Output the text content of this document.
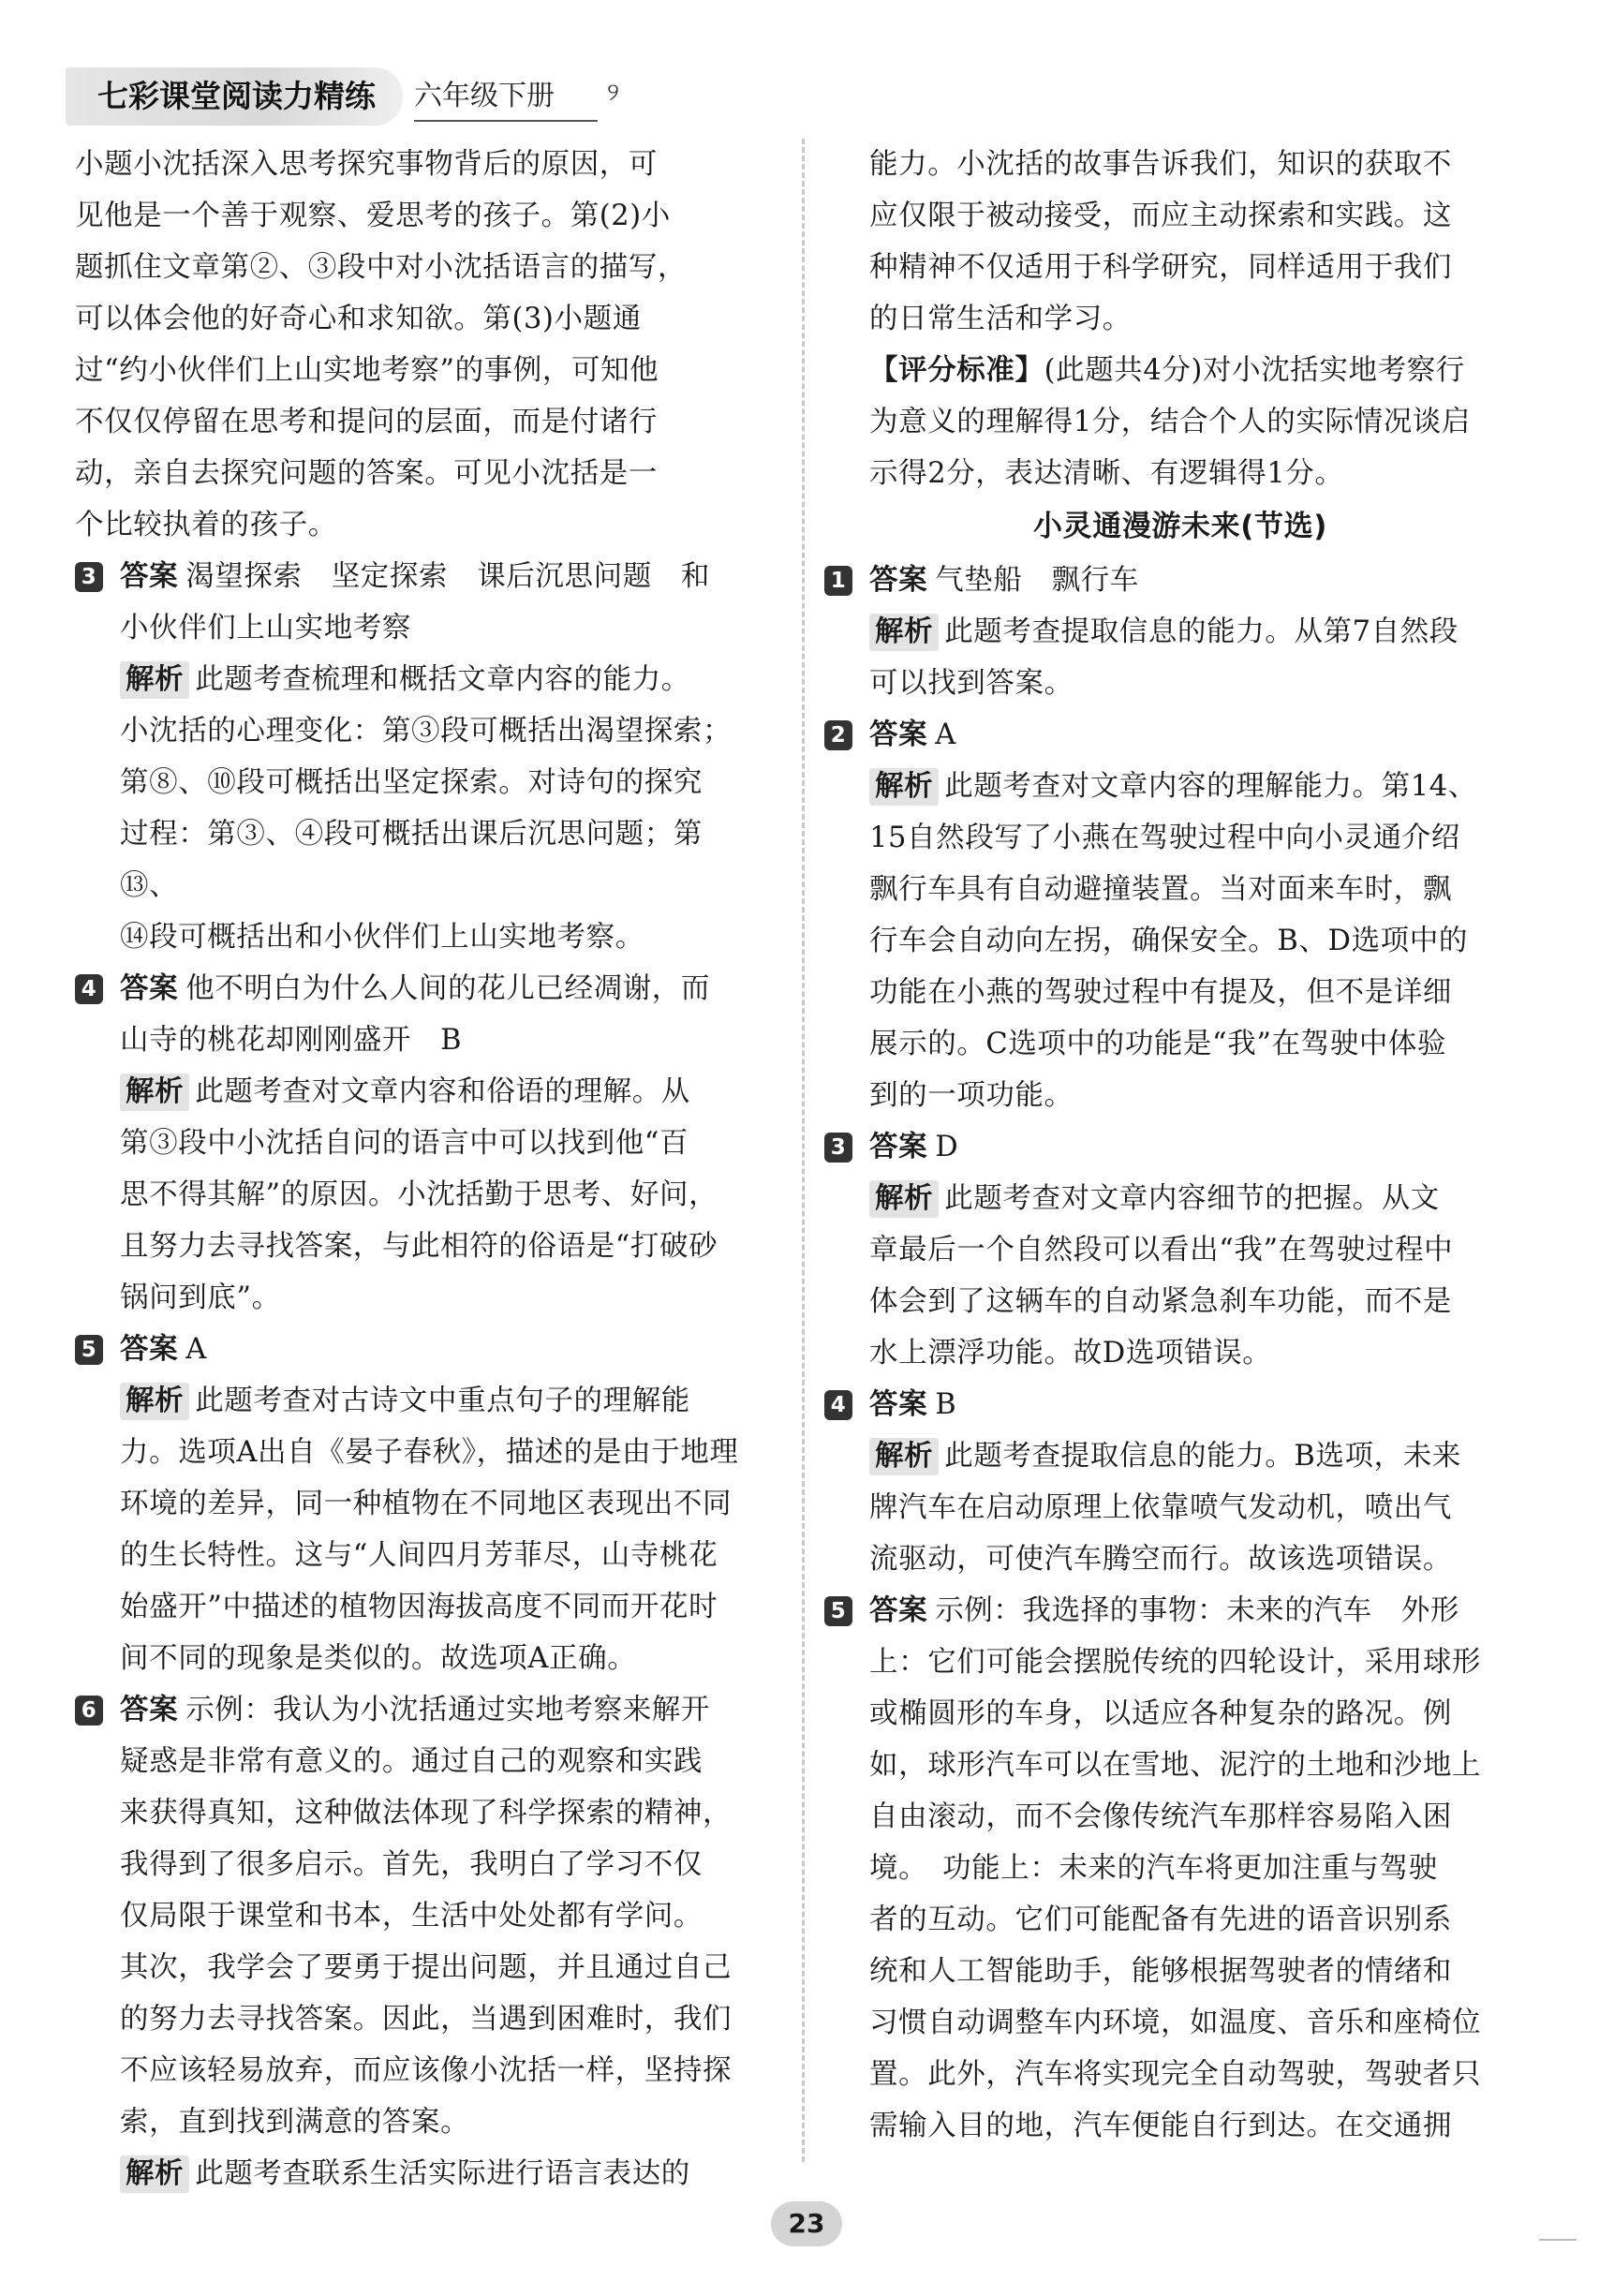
七彩课堂阅读力精练	六年级下册	୨

小题小沈括深入思考探究事物背后的原因，可

见他是一个善于观察、爱思考的孩子。第(2)小

题抓住文章第②、③段中对小沈括语言的描写，

可以体会他的好奇心和求知欲。第(3)小题通

过“约小伙伴们上山实地考察”的事例，可知他

不仅仅停留在思考和提问的层面，而是付诸行

动，亲自去探究问题的答案。可见小沈括是一

个比较执着的孩子。

3 答案 渴望探索　坚定探索　课后沉思问题　和

小伙伴们上山实地考察

解析 此题考查梳理和概括文章内容的能力。

小沈括的心理变化：第③段可概括出渴望探索；

第⑧、⑩段可概括出坚定探索。对诗句的探究

过程：第③、④段可概括出课后沉思问题；第⑬、

⑭段可概括出和小伙伴们上山实地考察。

4 答案 他不明白为什么人间的花儿已经凋谢，而

山寺的桃花却刚刚盛开　B

解析 此题考查对文章内容和俗语的理解。从

第③段中小沈括自问的语言中可以找到他“百

思不得其解”的原因。小沈括勤于思考、好问，

且努力去寻找答案，与此相符的俗语是“打破砂

锅问到底”。

5 答案 A

解析 此题考查对古诗文中重点句子的理解能

力。选项A出自《晏子春秋》，描述的是由于地理

环境的差异，同一种植物在不同地区表现出不同

的生长特性。这与“人间四月芳菲尽，山寺桃花

始盛开”中描述的植物因海拔高度不同而开花时

间不同的现象是类似的。故选项A正确。

6 答案 示例：我认为小沈括通过实地考察来解开

疑惑是非常有意义的。通过自己的观察和实践

来获得真知，这种做法体现了科学探索的精神，

我得到了很多启示。首先，我明白了学习不仅

仅局限于课堂和书本，生活中处处都有学问。

其次，我学会了要勇于提出问题，并且通过自己

的努力去寻找答案。因此，当遇到困难时，我们

不应该轻易放弃，而应该像小沈括一样，坚持探

索，直到找到满意的答案。

解析 此题考查联系生活实际进行语言表达的

能力。小沈括的故事告诉我们，知识的获取不

应仅限于被动接受，而应主动探索和实践。这

种精神不仅适用于科学研究，同样适用于我们

的日常生活和学习。

【评分标准】(此题共4分)对小沈括实地考察行

为意义的理解得1分，结合个人的实际情况谈启

示得2分，表达清晰、有逻辑得1分。

小灵通漫游未来(节选)
1 答案 气垫船　飘行车

解析 此题考查提取信息的能力。从第7自然段

可以找到答案。

2 答案 A

解析 此题考查对文章内容的理解能力。第14、

15自然段写了小燕在驾驶过程中向小灵通介绍

飘行车具有自动避撞装置。当对面来车时，飘

行车会自动向左拐，确保安全。B、D选项中的

功能在小燕的驾驶过程中有提及，但不是详细

展示的。C选项中的功能是“我”在驾驶中体验

到的一项功能。

3 答案 D

解析 此题考查对文章内容细节的把握。从文

章最后一个自然段可以看出“我”在驾驶过程中

体会到了这辆车的自动紧急刹车功能，而不是

水上漂浮功能。故D选项错误。

4 答案 B

解析 此题考查提取信息的能力。B选项，未来

牌汽车在启动原理上依靠喷气发动机，喷出气

流驱动，可使汽车腾空而行。故该选项错误。

5 答案 示例：我选择的事物：未来的汽车　外形

上：它们可能会摆脱传统的四轮设计，采用球形

或椭圆形的车身，以适应各种复杂的路况。例

如，球形汽车可以在雪地、泥泞的土地和沙地上

自由滚动，而不会像传统汽车那样容易陷入困

境。　功能上：未来的汽车将更加注重与驾驶

者的互动。它们可能配备有先进的语音识别系

统和人工智能助手，能够根据驾驶者的情绪和

习惯自动调整车内环境，如温度、音乐和座椅位

置。此外，汽车将实现完全自动驾驶，驾驶者只

需输入目的地，汽车便能自行到达。在交通拥

23
